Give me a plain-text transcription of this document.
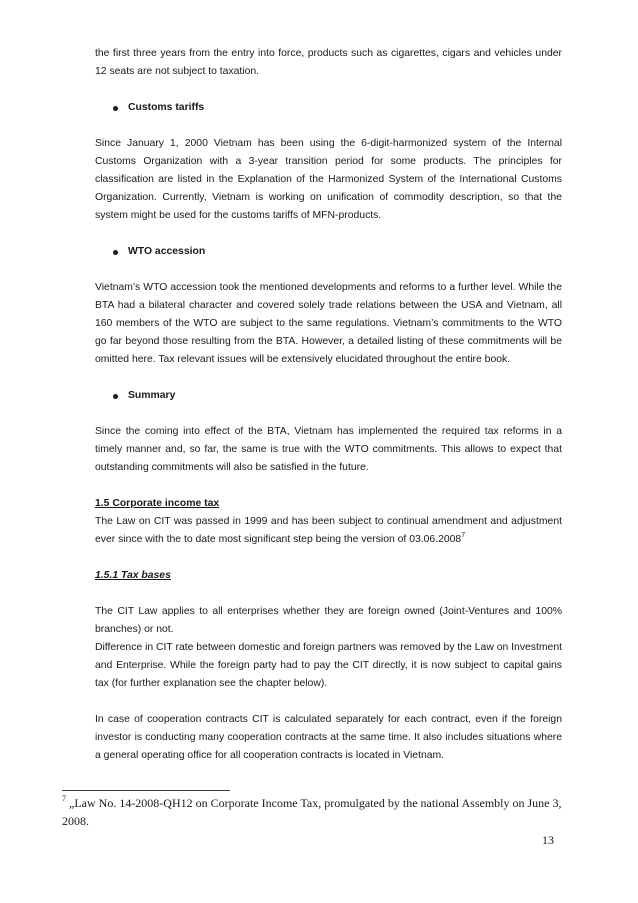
the first three years from the entry into force, products such as cigarettes, cigars and vehicles under 12 seats are not subject to taxation.

Customs tariffs

Since January 1, 2000 Vietnam has been using the 6-digit-harmonized system of the Internal Customs Organization with a 3-year transition period for some products. The principles for classification are listed in the Explanation of the Harmonized System of the International Customs Organization. Currently, Vietnam is working on unification of commodity description, so that the system might be used for the customs tariffs of MFN-products.

WTO accession

Vietnam’s WTO accession took the mentioned developments and reforms to a further level. While the BTA had a bilateral character and covered solely trade relations between the USA and Vietnam, all 160 members of the WTO are subject to the same regulations. Vietnam’s commitments to the WTO go far beyond those resulting from the BTA. However, a detailed listing of these commitments will be omitted here. Tax relevant issues will be extensively elucidated throughout the entire book.

Summary

Since the coming into effect of the BTA, Vietnam has implemented the required tax reforms in a timely manner and, so far, the same is true with the WTO commitments. This allows to expect that outstanding commitments will also be satisfied in the future.

1.5 Corporate income tax

The Law on CIT was passed in 1999 and has been subject to continual amendment and adjustment ever since with the to date most significant step being the version of 03.06.2008$^7$

1.5.1 Tax bases

The CIT Law applies to all enterprises whether they are foreign owned (Joint-Ventures and 100% branches) or not.

Difference in CIT rate between domestic and foreign partners was removed by the Law on Investment and Enterprise. While the foreign party had to pay the CIT directly, it is now subject to capital gains tax (for further explanation see the chapter below).

In case of cooperation contracts CIT is calculated separately for each contract, even if the foreign investor is conducting many cooperation contracts at the same time. It also includes situations where a general operating office for all cooperation contracts is located in Vietnam.

$^7$ „Law No. 14-2008-QH12 on Corporate Income Tax, promulgated by the national Assembly on June 3, 2008.
13
